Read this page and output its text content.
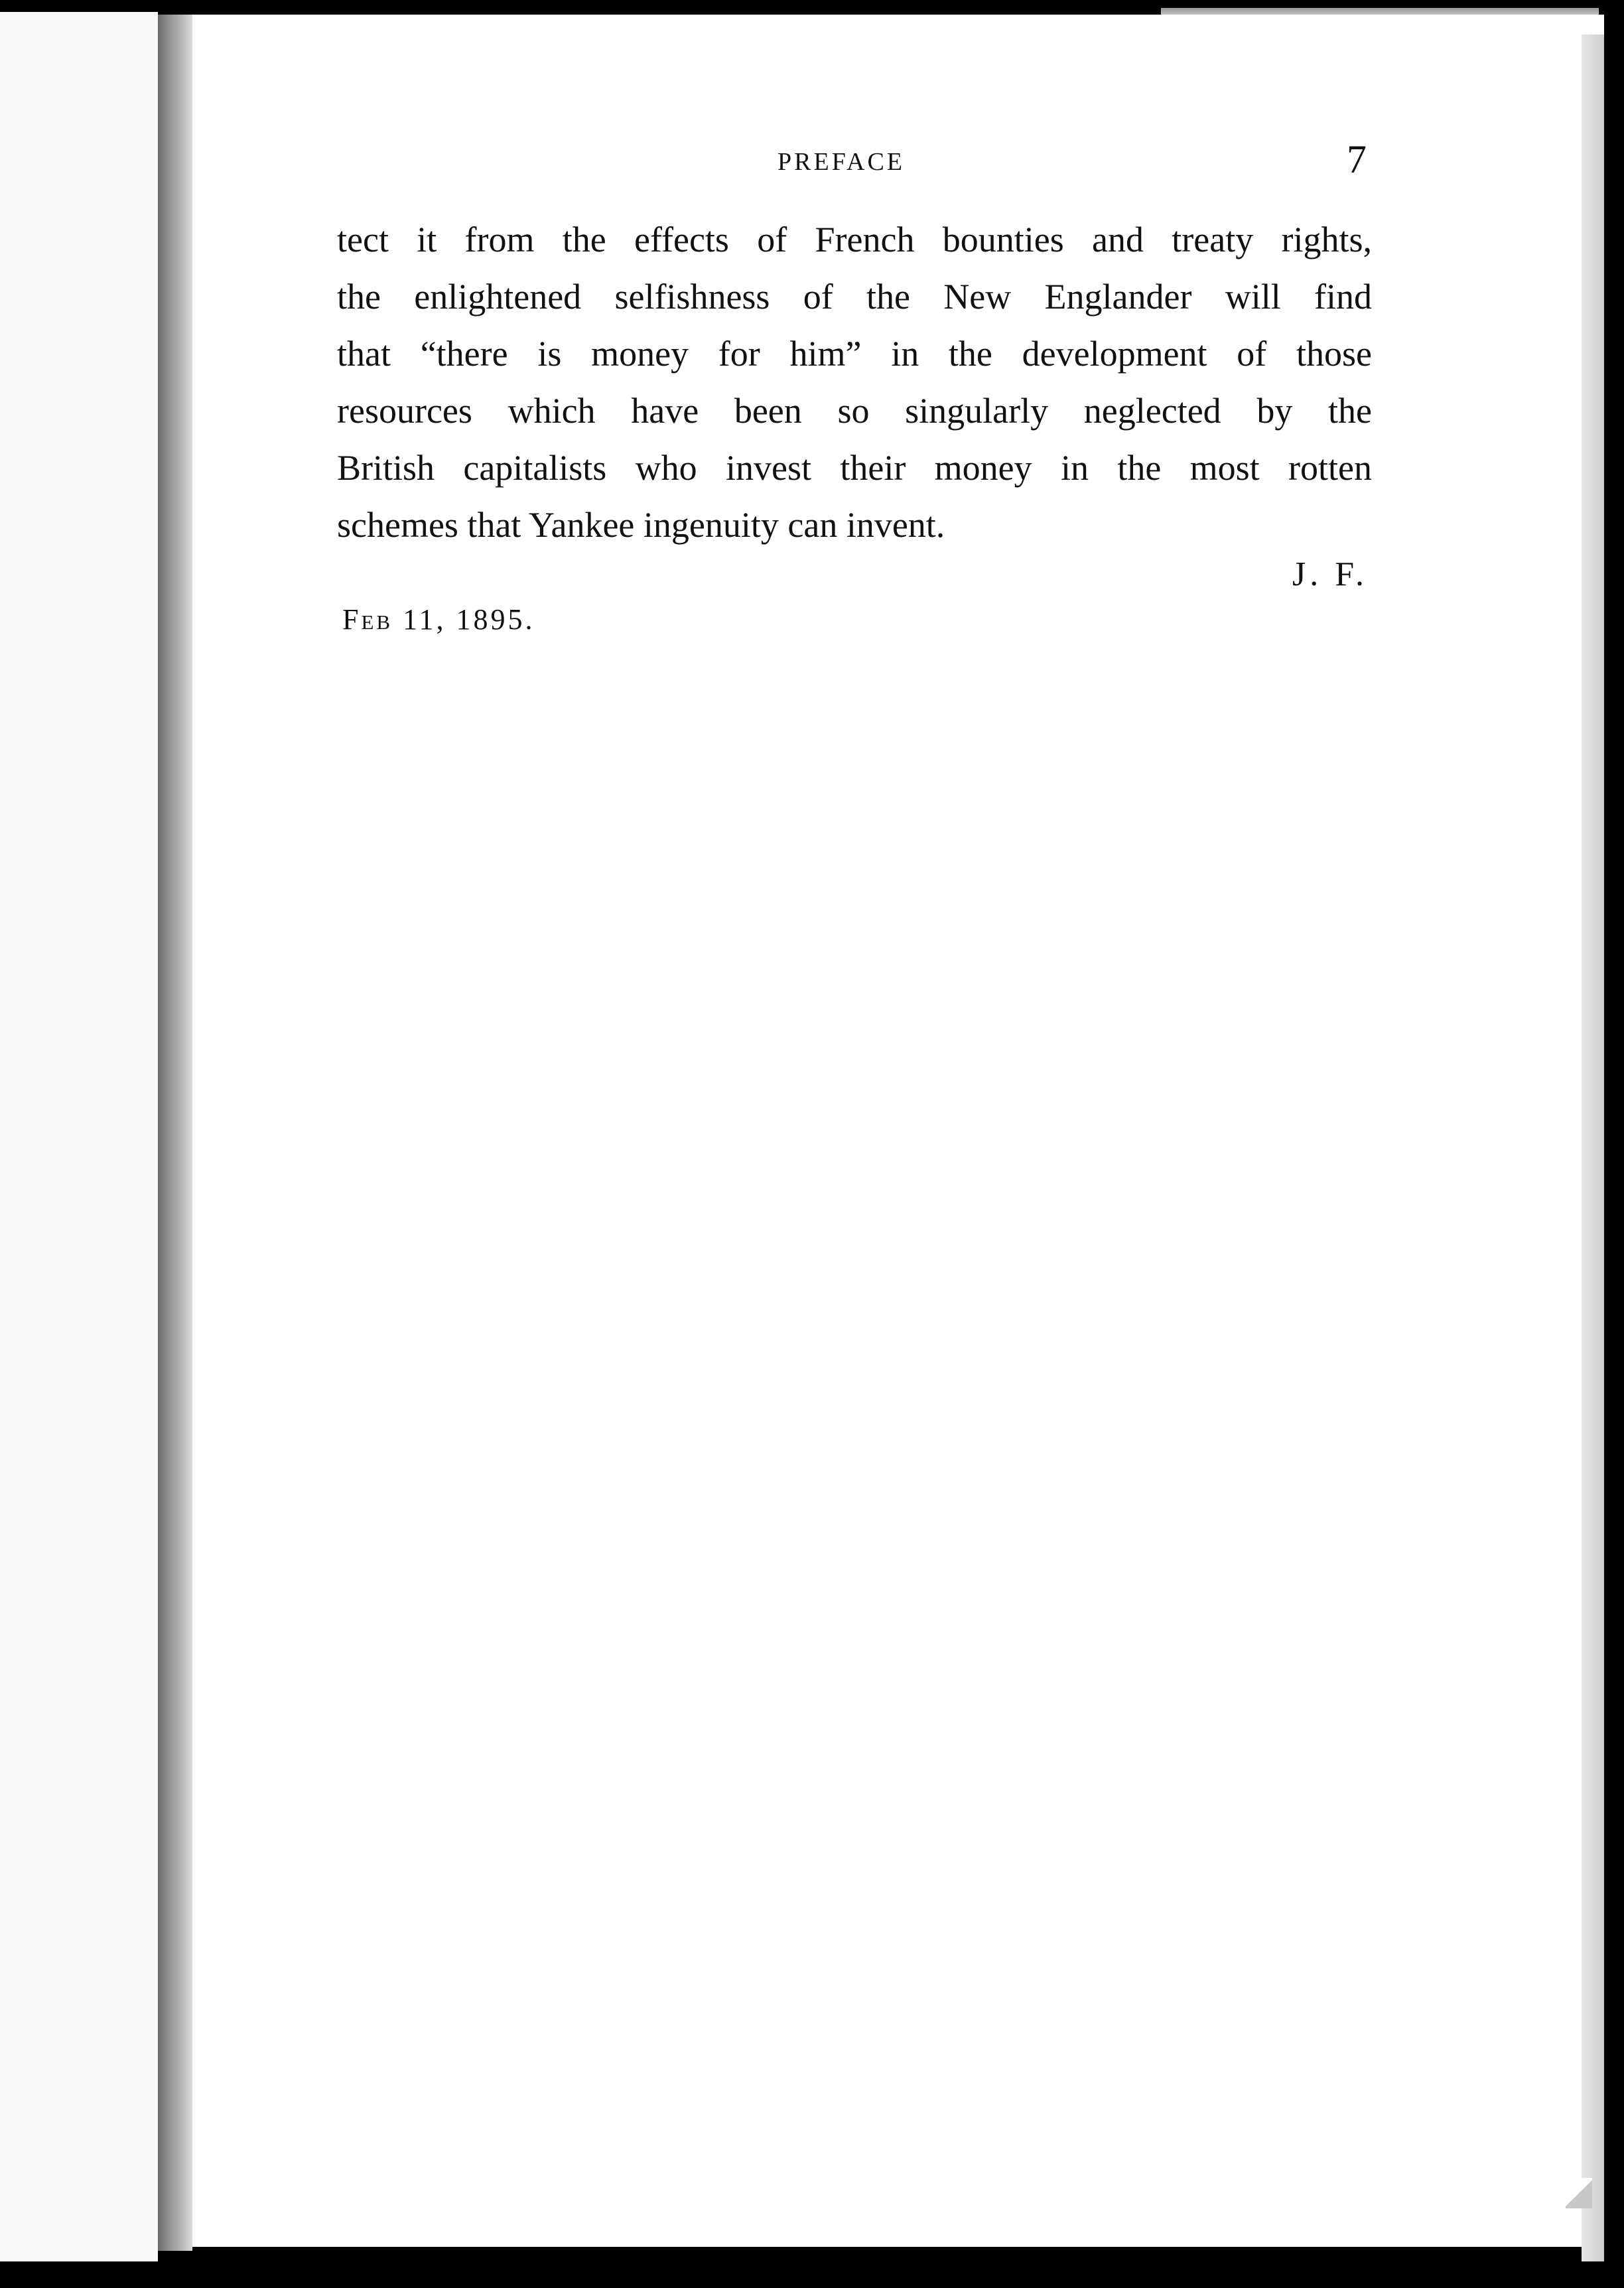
PREFACE	7
tect it from the effects of French bounties and treaty rights,
the enlightened selfishness of the New Englander will find
that “there is money for him” in the development of those
resources which have been so singularly neglected by the
British capitalists who invest their money in the most rotten
schemes that Yankee ingenuity can invent.
J. F.
Feb 11, 1895.
